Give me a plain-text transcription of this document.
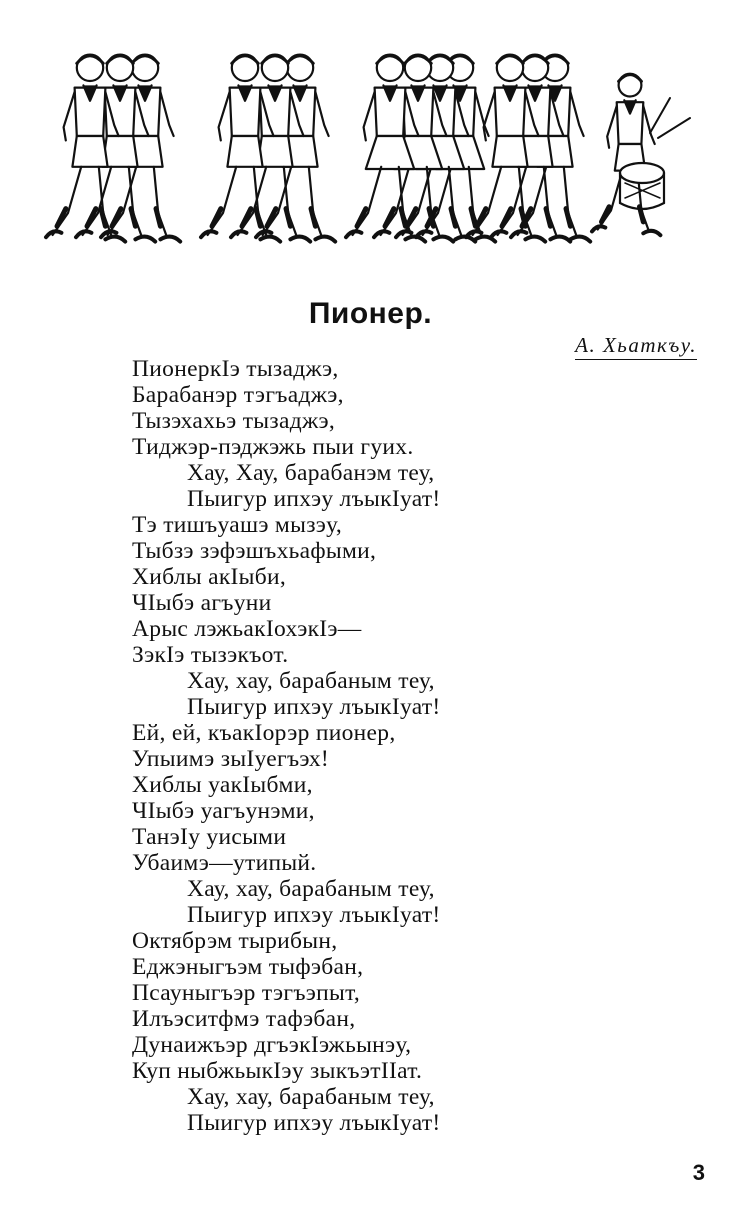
Пионер.
А. Хьаткъу.
ПионеркIэ тызаджэ,
Барабанэр тэгъаджэ,
Тызэхахьэ тызаджэ,
Тиджэр-пэджэжь пыи гуих.
Хау, Хау, барабанэм теу,
Пыигур ипхэу лъыкIуат!
Тэ тишъуашэ мызэу,
Тыбзэ зэфэшъхьафыми,
Хиблы акIыби,
ЧIыбэ агъуни
Арыс лэжьакIохэкIэ—
ЗэкIэ тызэкъот.
Хау, хау, барабаным теу,
Пыигур ипхэу лъыкIуат!
Ей, ей, къакIорэр пионер,
Упыимэ зыIуегъэх!
Хиблы уакIыбми,
ЧIыбэ уагъунэми,
ТанэIу уисыми
Убаимэ—утипый.
Хау, хау, барабаным теу,
Пыигур ипхэу лъыкIуат!
Октябрэм тырибын,
Еджэныгъэм тыфэбан,
Псауныгъэр тэгъэпыт,
Илъэситфмэ тафэбан,
Дунаижъэр дгъэкIэжьынэу,
Куп ныбжьыкIэу зыкъэтIIат.
Хау, хау, барабаным теу,
Пыигур ипхэу лъыкIуат!
3
